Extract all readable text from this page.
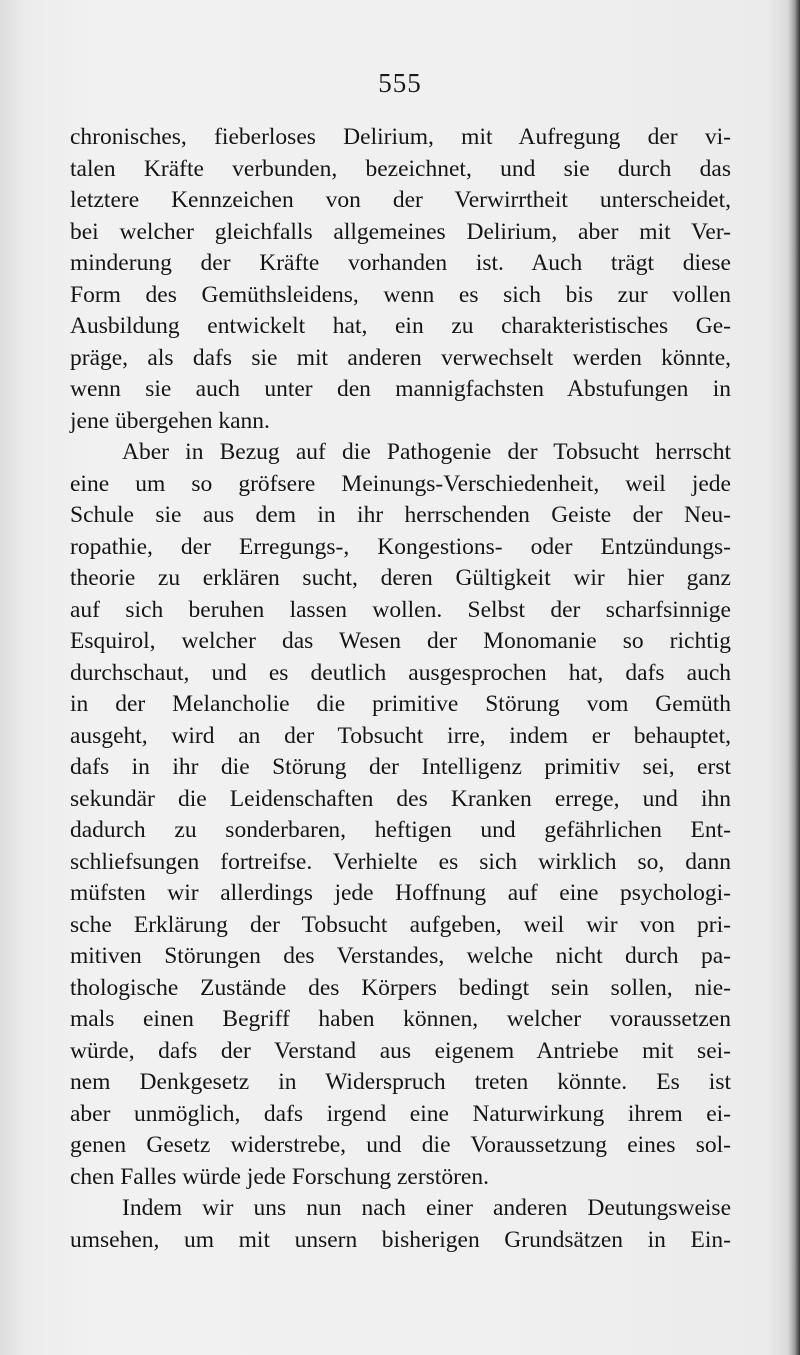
555
chronisches, fieberloses Delirium, mit Aufregung der vi-
talen Kräfte verbunden, bezeichnet, und sie durch das
letztere Kennzeichen von der Verwirrtheit unterscheidet,
bei welcher gleichfalls allgemeines Delirium, aber mit Ver-
minderung der Kräfte vorhanden ist. Auch trägt diese
Form des Gemüthsleidens, wenn es sich bis zur vollen
Ausbildung entwickelt hat, ein zu charakteristisches Ge-
präge, als dafs sie mit anderen verwechselt werden könnte,
wenn sie auch unter den mannigfachsten Abstufungen in
jene übergehen kann.
Aber in Bezug auf die Pathogenie der Tobsucht herrscht
eine um so gröfsere Meinungs-Verschiedenheit, weil jede
Schule sie aus dem in ihr herrschenden Geiste der Neu-
ropathie, der Erregungs-, Kongestions- oder Entzündungs-
theorie zu erklären sucht, deren Gültigkeit wir hier ganz
auf sich beruhen lassen wollen. Selbst der scharfsinnige
Esquirol, welcher das Wesen der Monomanie so richtig
durchschaut, und es deutlich ausgesprochen hat, dafs auch
in der Melancholie die primitive Störung vom Gemüth
ausgeht, wird an der Tobsucht irre, indem er behauptet,
dafs in ihr die Störung der Intelligenz primitiv sei, erst
sekundär die Leidenschaften des Kranken errege, und ihn
dadurch zu sonderbaren, heftigen und gefährlichen Ent-
schliefsungen fortreifse. Verhielte es sich wirklich so, dann
müfsten wir allerdings jede Hoffnung auf eine psychologi-
sche Erklärung der Tobsucht aufgeben, weil wir von pri-
mitiven Störungen des Verstandes, welche nicht durch pa-
thologische Zustände des Körpers bedingt sein sollen, nie-
mals einen Begriff haben können, welcher voraussetzen
würde, dafs der Verstand aus eigenem Antriebe mit sei-
nem Denkgesetz in Widerspruch treten könnte. Es ist
aber unmöglich, dafs irgend eine Naturwirkung ihrem ei-
genen Gesetz widerstrebe, und die Voraussetzung eines sol-
chen Falles würde jede Forschung zerstören.
Indem wir uns nun nach einer anderen Deutungsweise
umsehen, um mit unsern bisherigen Grundsätzen in Ein-
